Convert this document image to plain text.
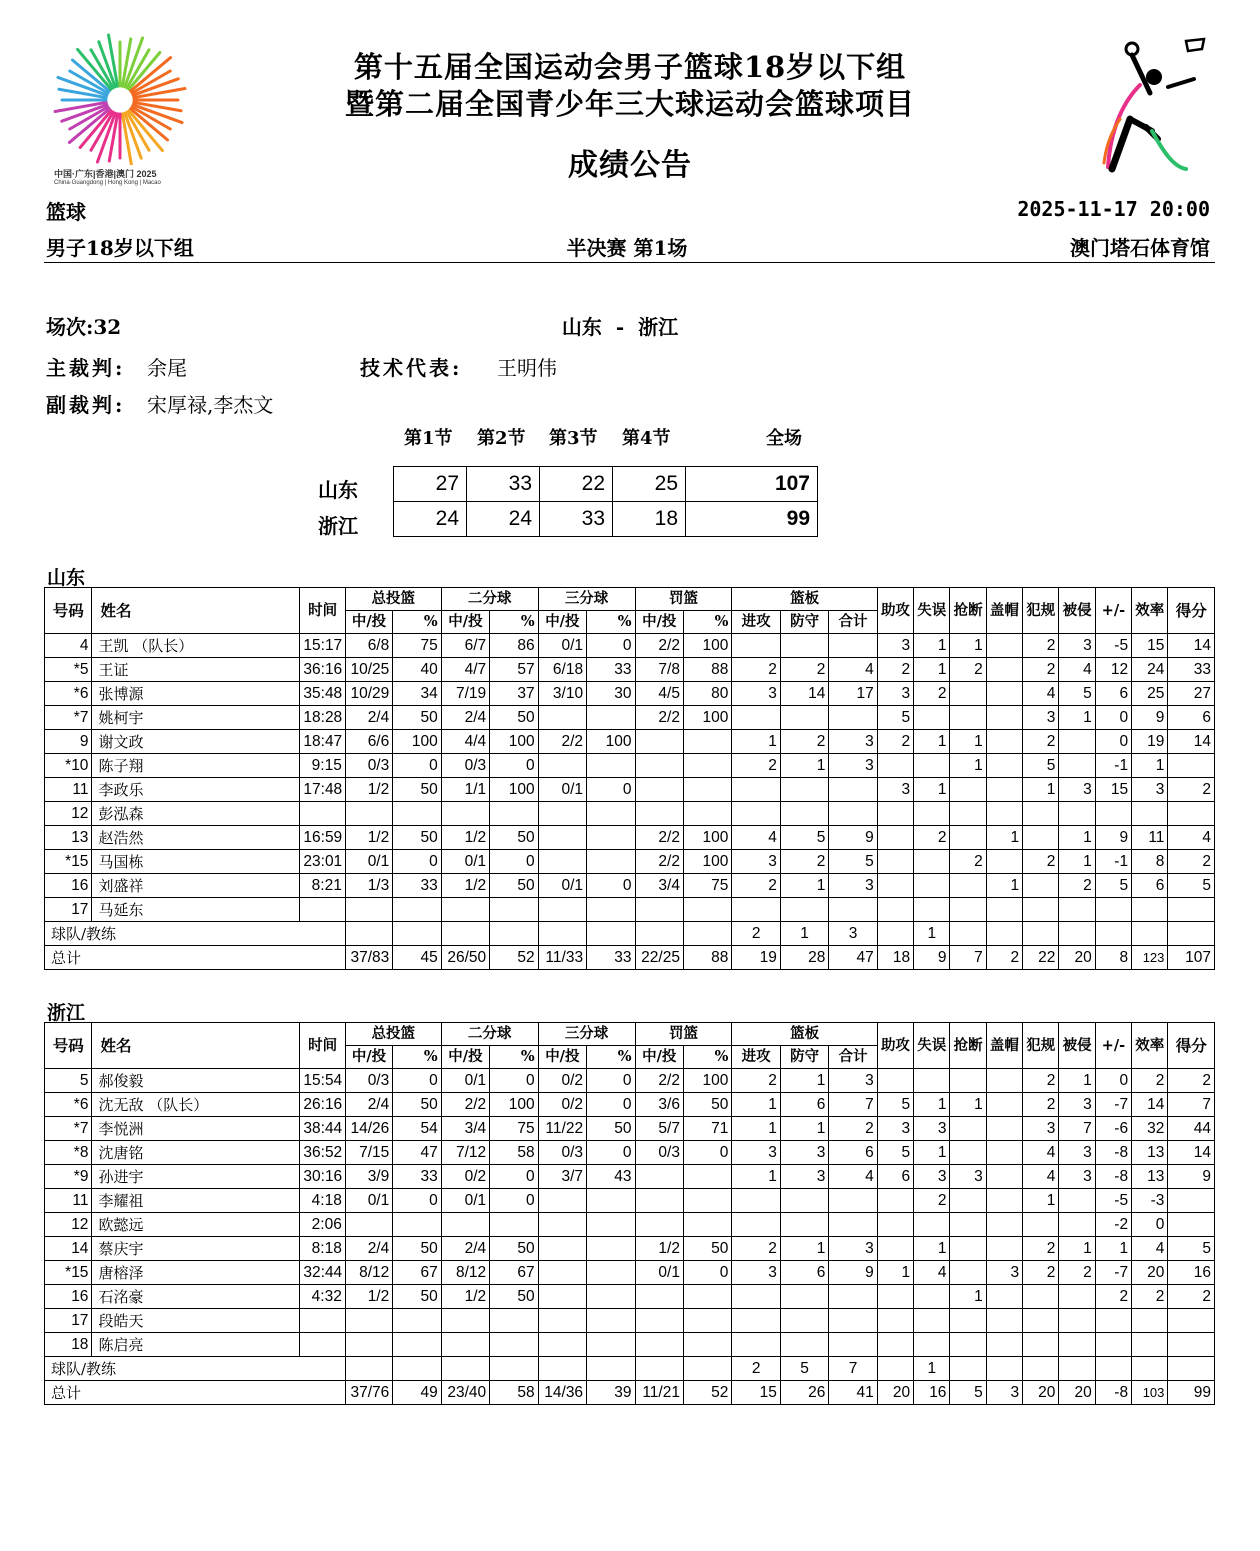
中国·广东|香港|澳门 2025
China·Guangdong | Hong Kong | Macao
第十五届全国运动会男子篮球18岁以下组
暨第二届全国青少年三大球运动会篮球项目
成绩公告
篮球	2025-11-17 20:00
男子18岁以下组	半决赛 第1场	澳门塔石体育馆
场次:32	山东  -  浙江
主裁判: 余尾	技术代表: 王明伟
副裁判: 宋厚禄,李杰文
第1节 第2节 第3节 第4节	全场
山东
浙江
27	33	22	25	107
24	24	33	18	99
山东
号码	姓名	时间	总投篮		二分球		三分球		罚篮		篮板			助攻	失误	抢断	盖帽	犯规	被侵	+/-	效率	得分
			中/投	%	中/投	%	中/投	%	中/投	%	进攻	防守	合计									
4	王凯 （队长）	15:17	6/8	75	6/7	86	0/1	0	2/2	100				3	1	1		2	3	-5	15	14
*5	王证	36:16	10/25	40	4/7	57	6/18	33	7/8	88	2	2	4	2	1	2		2	4	12	24	33
*6	张博源	35:48	10/29	34	7/19	37	3/10	30	4/5	80	3	14	17	3	2			4	5	6	25	27
*7	姚柯宇	18:28	2/4	50	2/4	50			2/2	100				5				3	1	0	9	6
9	谢文政	18:47	6/6	100	4/4	100	2/2	100			1	2	3	2	1	1		2		0	19	14
*10	陈子翔	9:15	0/3	0	0/3	0					2	1	3			1		5		-1	1	
11	李政乐	17:48	1/2	50	1/1	100	0/1	0						3	1			1	3	15	3	2
12	彭泓森																					
13	赵浩然	16:59	1/2	50	1/2	50			2/2	100	4	5	9		2		1		1	9	11	4
*15	马国栋	23:01	0/1	0	0/1	0			2/2	100	3	2	5			2		2	1	-1	8	2
16	刘盛祥	8:21	1/3	33	1/2	50	0/1	0	3/4	75	2	1	3				1		2	5	6	5
17	马延东																					
球队/教练											2	1	3		1							
总计			37/83	45	26/50	52	11/33	33	22/25	88	19	28	47	18	9	7	2	22	20	8	123	107
浙江
号码	姓名	时间	总投篮		二分球		三分球		罚篮		篮板			助攻	失误	抢断	盖帽	犯规	被侵	+/-	效率	得分
			中/投	%	中/投	%	中/投	%	中/投	%	进攻	防守	合计									
5	郝俊毅	15:54	0/3	0	0/1	0	0/2	0	2/2	100	2	1	3					2	1	0	2	2
*6	沈无敌 （队长）	26:16	2/4	50	2/2	100	0/2	0	3/6	50	1	6	7	5	1	1		2	3	-7	14	7
*7	李悦洲	38:44	14/26	54	3/4	75	11/22	50	5/7	71	1	1	2	3	3			3	7	-6	32	44
*8	沈唐铭	36:52	7/15	47	7/12	58	0/3	0	0/3	0	3	3	6	5	1			4	3	-8	13	14
*9	孙进宇	30:16	3/9	33	0/2	0	3/7	43			1	3	4	6	3	3		4	3	-8	13	9
11	李耀祖	4:18	0/1	0	0/1	0									2			1		-5	-3	
12	欧懿远	2:06																		-2	0	
14	蔡庆宇	8:18	2/4	50	2/4	50			1/2	50	2	1	3		1			2	1	1	4	5
*15	唐榕泽	32:44	8/12	67	8/12	67			0/1	0	3	6	9	1	4		3	2	2	-7	20	16
16	石洺豪	4:32	1/2	50	1/2	50										1				2	2	2
17	段皓天																					
18	陈启亮																					
球队/教练											2	5	7		1							
总计			37/76	49	23/40	58	14/36	39	11/21	52	15	26	41	20	16	5	3	20	20	-8	103	99
